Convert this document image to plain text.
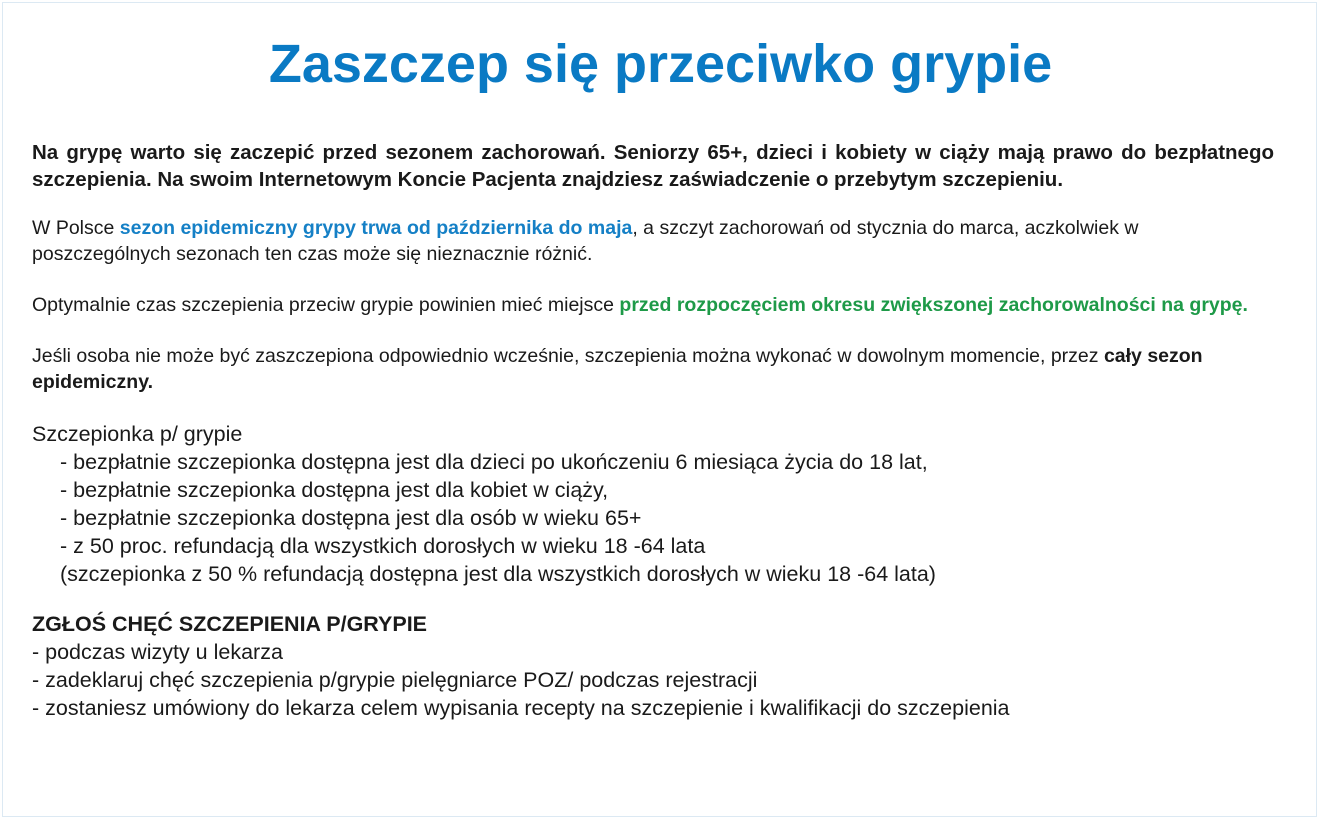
Zaszczep się przeciwko grypie

Na grypę warto się zaczepić przed sezonem zachorowań. Seniorzy 65+, dzieci i kobiety w ciąży mają prawo do bezpłatnego szczepienia. Na swoim Internetowym Koncie Pacjenta znajdziesz zaświadczenie o przebytym szczepieniu.

W Polsce sezon epidemiczny grypy trwa od października do maja, a szczyt zachorowań od stycznia do marca, aczkolwiek w poszczególnych sezonach ten czas może się nieznacznie różnić.

Optymalnie czas szczepienia przeciw grypie powinien mieć miejsce przed rozpoczęciem okresu zwiększonej zachorowalności na grypę.

Jeśli osoba nie może być zaszczepiona odpowiednio wcześnie, szczepienia można wykonać w dowolnym momencie, przez cały sezon epidemiczny.

Szczepionka p/ grypie
- bezpłatnie szczepionka dostępna jest dla dzieci po ukończeniu 6 miesiąca życia do 18 lat,
- bezpłatnie szczepionka dostępna jest dla kobiet w ciąży,
- bezpłatnie szczepionka dostępna jest dla osób w wieku 65+
- z 50 proc. refundacją dla wszystkich dorosłych w wieku 18 -64 lata
(szczepionka z 50 % refundacją dostępna jest dla wszystkich dorosłych w wieku 18 -64 lata)
ZGŁOŚ CHĘĆ SZCZEPIENIA P/GRYPIE
- podczas wizyty u lekarza
- zadeklaruj chęć szczepienia p/grypie pielęgniarce POZ/ podczas rejestracji
- zostaniesz umówiony do lekarza celem wypisania recepty na szczepienie i kwalifikacji do szczepienia
